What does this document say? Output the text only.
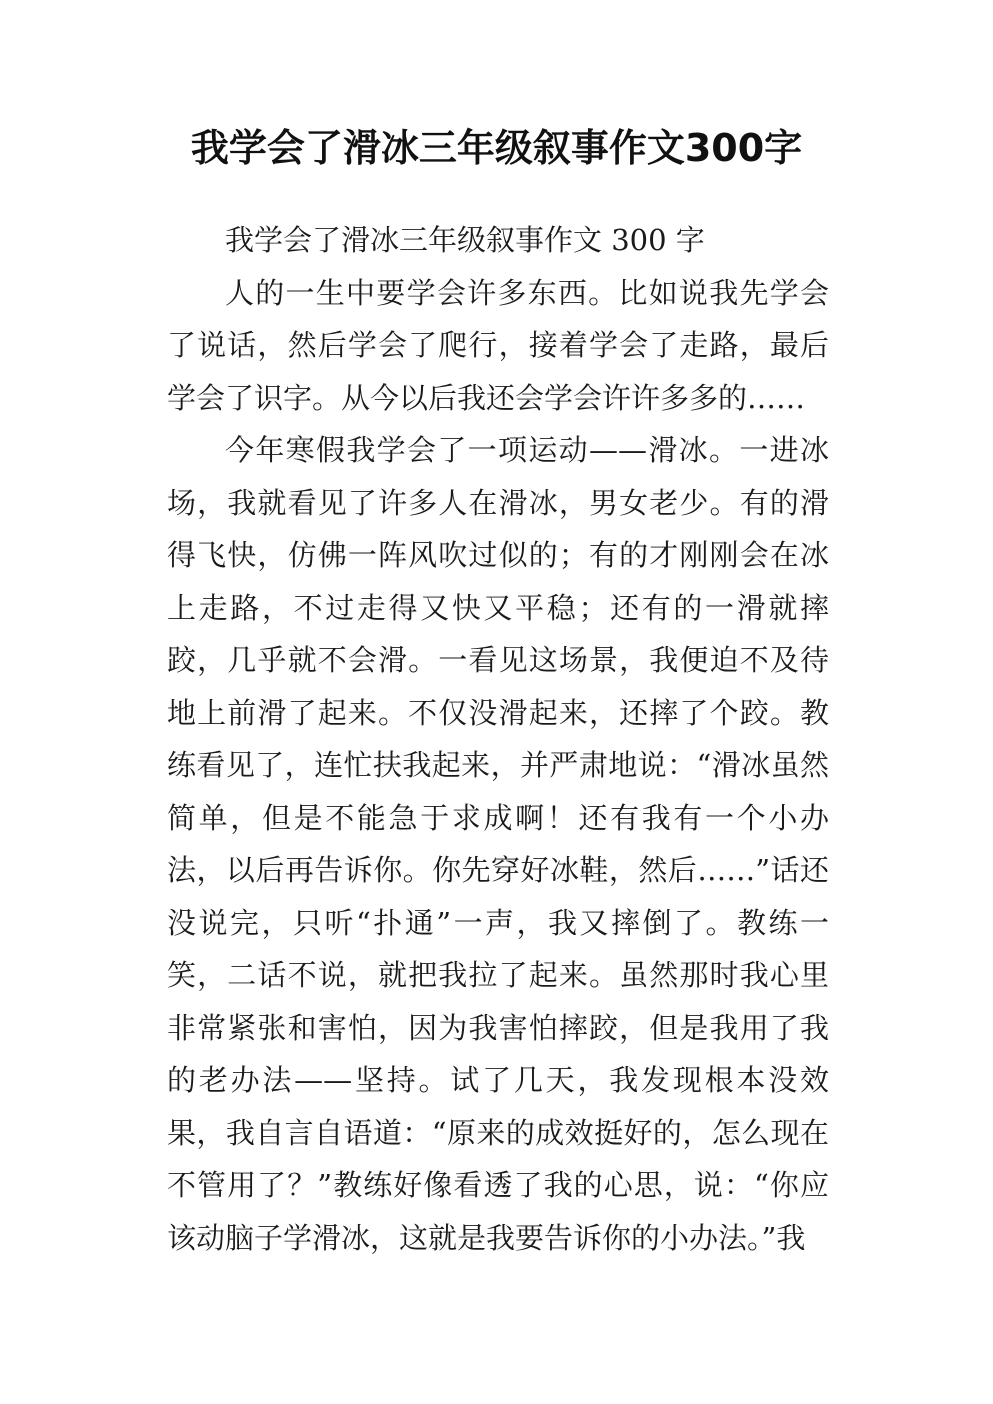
我学会了滑冰三年级叙事作文300字

我学会了滑冰三年级叙事作文 300 字

人的一生中要学会许多东西。比如说我先学会了说话，然后学会了爬行，接着学会了走路，最后学会了识字。从今以后我还会学会许许多多的……

今年寒假我学会了一项运动——滑冰。一进冰场，我就看见了许多人在滑冰，男女老少。有的滑得飞快，仿佛一阵风吹过似的；有的才刚刚会在冰上走路，不过走得又快又平稳；还有的一滑就摔跤，几乎就不会滑。一看见这场景，我便迫不及待地上前滑了起来。不仅没滑起来，还摔了个跤。教练看见了，连忙扶我起来，并严肃地说：“滑冰虽然简单，但是不能急于求成啊！还有我有一个小办法，以后再告诉你。你先穿好冰鞋，然后……”话还没说完，只听“扑通”一声，我又摔倒了。教练一笑，二话不说，就把我拉了起来。虽然那时我心里非常紧张和害怕，因为我害怕摔跤，但是我用了我的老办法——坚持。试了几天，我发现根本没效果，我自言自语道：“原来的成效挺好的，怎么现在不管用了？”教练好像看透了我的心思，说：“你应该动脑子学滑冰，这就是我要告诉你的小办法。”我
